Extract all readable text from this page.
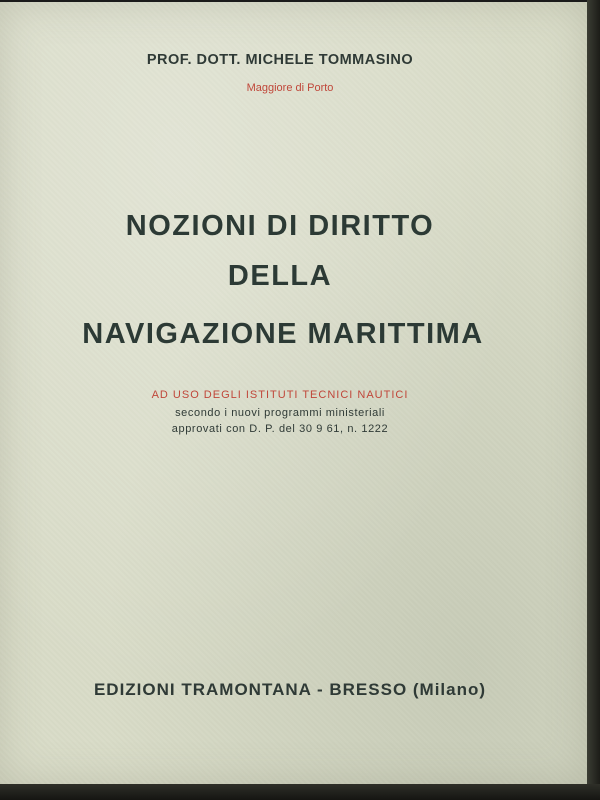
PROF. DOTT. MICHELE TOMMASINO
Maggiore di Porto
NOZIONI DI DIRITTO
DELLA
NAVIGAZIONE MARITTIMA
AD USO DEGLI ISTITUTI TECNICI NAUTICI
secondo i nuovi programmi ministeriali
approvati con D. P. del 30 9 61, n. 1222
EDIZIONI TRAMONTANA - BRESSO (Milano)
